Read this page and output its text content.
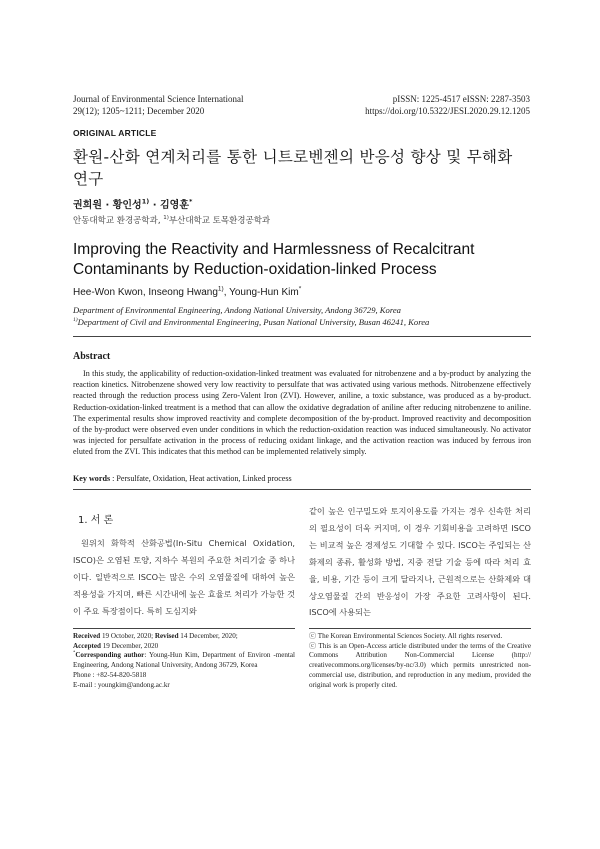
Journal of Environmental Science International
29(12); 1205~1211; December 2020
pISSN: 1225-4517 eISSN: 2287-3503
https://doi.org/10.5322/JESI.2020.29.12.1205
ORIGINAL ARTICLE
환원-산화 연계처리를 통한 니트로벤젠의 반응성 향상 및 무해화 연구
권희원 · 황인성$^{1)}$ · 김영훈*
안동대학교 환경공학과, $^{1)}$부산대학교 토목환경공학과
Improving the Reactivity and Harmlessness of Recalcitrant Contaminants by Reduction-oxidation-linked Process
Hee-Won Kwon, Inseong Hwang$^{1)}$, Young-Hun Kim*
Department of Environmental Engineering, Andong National University, Andong 36729, Korea
$^{1)}$Department of Civil and Environmental Engineering, Pusan National University, Busan 46241, Korea
Abstract
In this study, the applicability of reduction-oxidation-linked treatment was evaluated for nitrobenzene and a by-product by analyzing the reaction kinetics. Nitrobenzene showed very low reactivity to persulfate that was activated using various methods. Nitrobenzene effectively reacted through the reduction process using Zero-Valent Iron (ZVI). However, aniline, a toxic substance, was produced as a by-product. Reduction-oxidation-linked treatment is a method that can allow the oxidative degradation of aniline after reducing nitrobenzene to aniline. The experimental results show improved reactivity and complete decomposition of the by-product. Improved reactivity and decomposition of the by-product were observed even under conditions in which the reduction-oxidation reaction was induced simultaneously. No activator was injected for persulfate activation in the process of reducing oxidant linkage, and the activation reaction was induced by ferrous iron eluted from the ZVI. This indicates that this method can be implemented relatively simply.
Key words : Persulfate, Oxidation, Heat activation, Linked process
1. 서 론
원위치 화학적 산화공법(In-Situ Chemical Oxidation, ISCO)은 오염된 토양, 지하수 복원의 주요한 처리기술 중 하나이다. 일반적으로 ISCO는 많은 수의 오염물질에 대하여 높은 적용성을 가지며, 빠른 시간내에 높은 효율로 처리가 가능한 것이 주요 특장점이다. 특히 도심지와
같이 높은 인구밀도와 토지이용도를 가지는 경우 신속한 처리의 필요성이 더욱 커지며, 이 경우 기회비용을 고려하면 ISCO는 비교적 높은 경제성도 기대할 수 있다. ISCO는 주입되는 산화제의 종류, 활성화 방법, 지중 전달 기술 등에 따라 처리 효율, 비용, 기간 등이 크게 달라지나, 근원적으로는 산화제와 대상오염물질 간의 반응성이 가장 주요한 고려사항이 된다. ISCO에 사용되는
Received 19 October, 2020; Revised 14 December, 2020;
Accepted 19 December, 2020
*Corresponding author: Young-Hun Kim, Department of Environ -mental Engineering, Andong National University, Andong 36729, Korea
Phone : +82-54-820-5818
E-mail : youngkim@andong.ac.kr
ⓒ The Korean Environmental Sciences Society. All rights reserved.
ⓒ This is an Open-Access article distributed under the terms of the Creative Commons Attribution Non-Commercial License (http:// creativecommons.org/licenses/by-nc/3.0) which permits unrestricted non-commercial use, distribution, and reproduction in any medium, provided the original work is properly cited.
